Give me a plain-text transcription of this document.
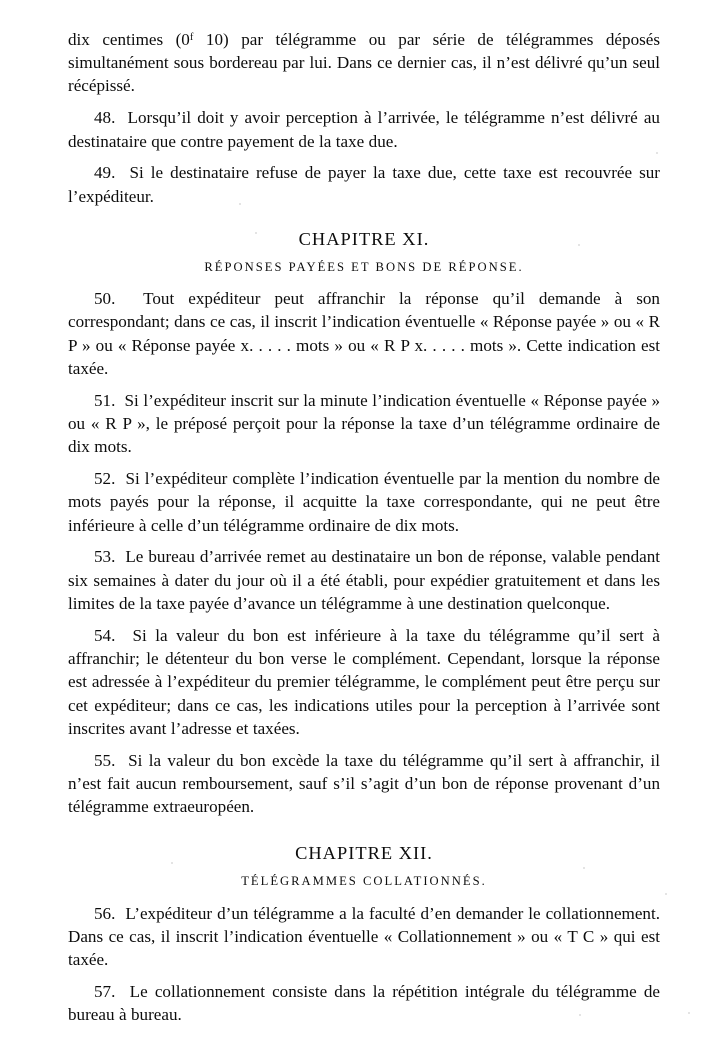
dix centimes (0$^f$ 10) par télégramme ou par série de télégrammes déposés simultanément sous bordereau par lui. Dans ce dernier cas, il n’est délivré qu’un seul récépissé.

48. Lorsqu’il doit y avoir perception à l’arrivée, le télégramme n’est délivré au destinataire que contre payement de la taxe due.

49. Si le destinataire refuse de payer la taxe due, cette taxe est recouvrée sur l’expéditeur.

CHAPITRE XI.
RÉPONSES PAYÉES ET BONS DE RÉPONSE.

50. Tout expéditeur peut affranchir la réponse qu’il demande à son correspondant; dans ce cas, il inscrit l’indication éventuelle « Réponse payée » ou « R P » ou « Réponse payée x. . . . . mots » ou « R P x. . . . . mots ». Cette indication est taxée.

51. Si l’expéditeur inscrit sur la minute l’indication éventuelle « Réponse payée » ou « R P », le préposé perçoit pour la réponse la taxe d’un télégramme ordinaire de dix mots.

52. Si l’expéditeur complète l’indication éventuelle par la mention du nombre de mots payés pour la réponse, il acquitte la taxe correspondante, qui ne peut être inférieure à celle d’un télégramme ordinaire de dix mots.

53. Le bureau d’arrivée remet au destinataire un bon de réponse, valable pendant six semaines à dater du jour où il a été établi, pour expédier gratuitement et dans les limites de la taxe payée d’avance un télégramme à une destination quelconque.

54. Si la valeur du bon est inférieure à la taxe du télégramme qu’il sert à affranchir; le détenteur du bon verse le complément. Cependant, lorsque la réponse est adressée à l’expéditeur du premier télégramme, le complément peut être perçu sur cet expéditeur; dans ce cas, les indications utiles pour la perception à l’arrivée sont inscrites avant l’adresse et taxées.

55. Si la valeur du bon excède la taxe du télégramme qu’il sert à affranchir, il n’est fait aucun remboursement, sauf s’il s’agit d’un bon de réponse provenant d’un télégramme extraeuropéen.

CHAPITRE XII.
TÉLÉGRAMMES COLLATIONNÉS.

56. L’expéditeur d’un télégramme a la faculté d’en demander le collationnement. Dans ce cas, il inscrit l’indication éventuelle « Collationnement » ou « T C » qui est taxée.

57. Le collationnement consiste dans la répétition intégrale du télégramme de bureau à bureau.
